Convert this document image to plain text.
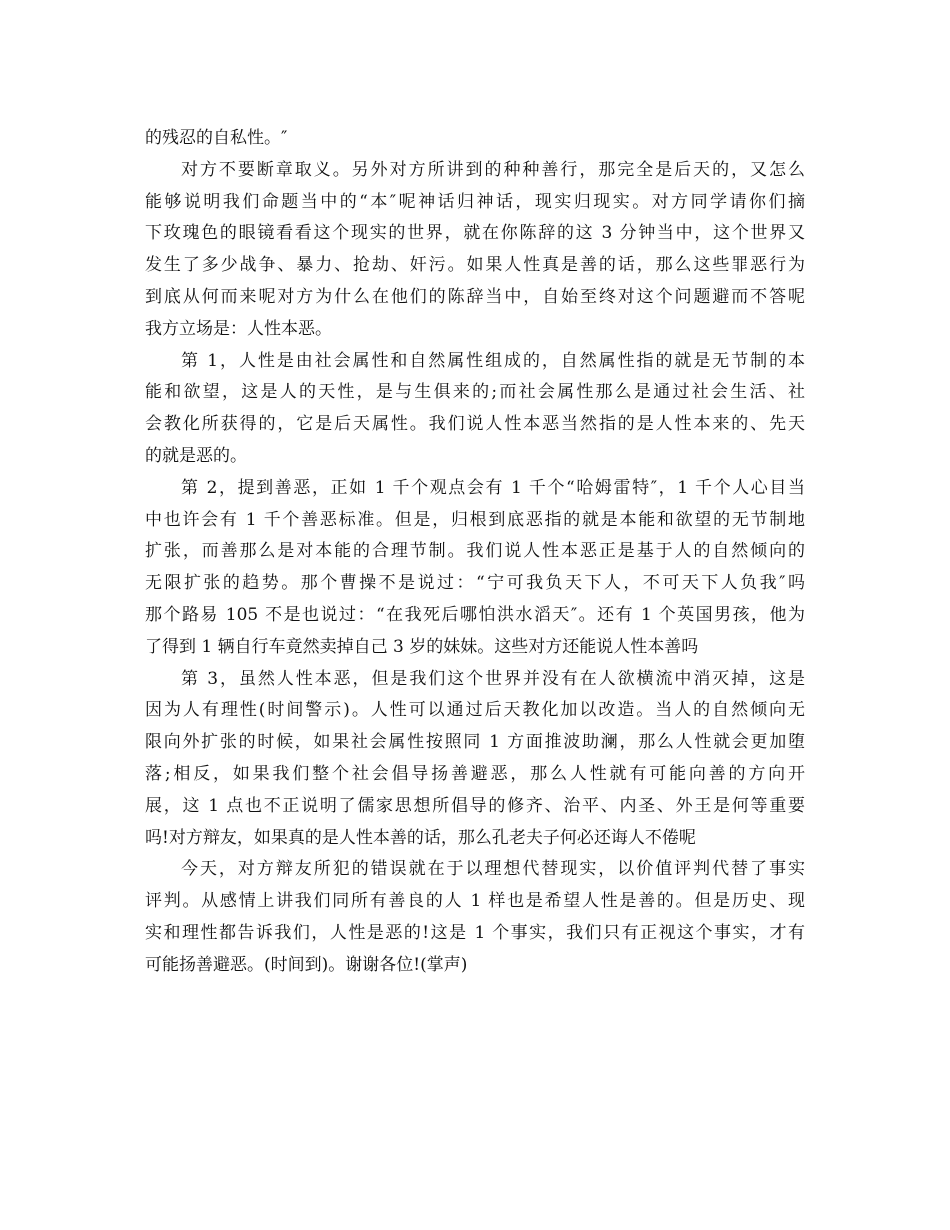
的残忍的自私性。″

对方不要断章取义。另外对方所讲到的种种善行，那完全是后天的，又怎么
能够说明我们命题当中的“本″呢神话归神话，现实归现实。对方同学请你们摘
下玫瑰色的眼镜看看这个现实的世界，就在你陈辞的这 3 分钟当中，这个世界又
发生了多少战争、暴力、抢劫、奸污。如果人性真是善的话，那么这些罪恶行为
到底从何而来呢对方为什么在他们的陈辞当中，自始至终对这个问题避而不答呢
我方立场是：人性本恶。

第 1，人性是由社会属性和自然属性组成的，自然属性指的就是无节制的本
能和欲望，这是人的天性，是与生俱来的;而社会属性那么是通过社会生活、社
会教化所获得的，它是后天属性。我们说人性本恶当然指的是人性本来的、先天
的就是恶的。

第 2，提到善恶，正如 1 千个观点会有 1 千个“哈姆雷特″，1 千个人心目当
中也许会有 1 千个善恶标准。但是，归根到底恶指的就是本能和欲望的无节制地
扩张，而善那么是对本能的合理节制。我们说人性本恶正是基于人的自然倾向的
无限扩张的趋势。那个曹操不是说过：“宁可我负天下人，不可天下人负我″吗
那个路易 105 不是也说过：“在我死后哪怕洪水滔天″。还有 1 个英国男孩，他为
了得到 1 辆自行车竟然卖掉自己 3 岁的妹妹。这些对方还能说人性本善吗

第 3，虽然人性本恶，但是我们这个世界并没有在人欲横流中消灭掉，这是
因为人有理性(时间警示)。人性可以通过后天教化加以改造。当人的自然倾向无
限向外扩张的时候，如果社会属性按照同 1 方面推波助澜，那么人性就会更加堕
落;相反，如果我们整个社会倡导扬善避恶，那么人性就有可能向善的方向开
展，这 1 点也不正说明了儒家思想所倡导的修齐、治平、内圣、外王是何等重要
吗!对方辩友，如果真的是人性本善的话，那么孔老夫子何必还诲人不倦呢

今天，对方辩友所犯的错误就在于以理想代替现实，以价值评判代替了事实
评判。从感情上讲我们同所有善良的人 1 样也是希望人性是善的。但是历史、现
实和理性都告诉我们，人性是恶的!这是 1 个事实，我们只有正视这个事实，才有
可能扬善避恶。(时间到)。谢谢各位!(掌声)
